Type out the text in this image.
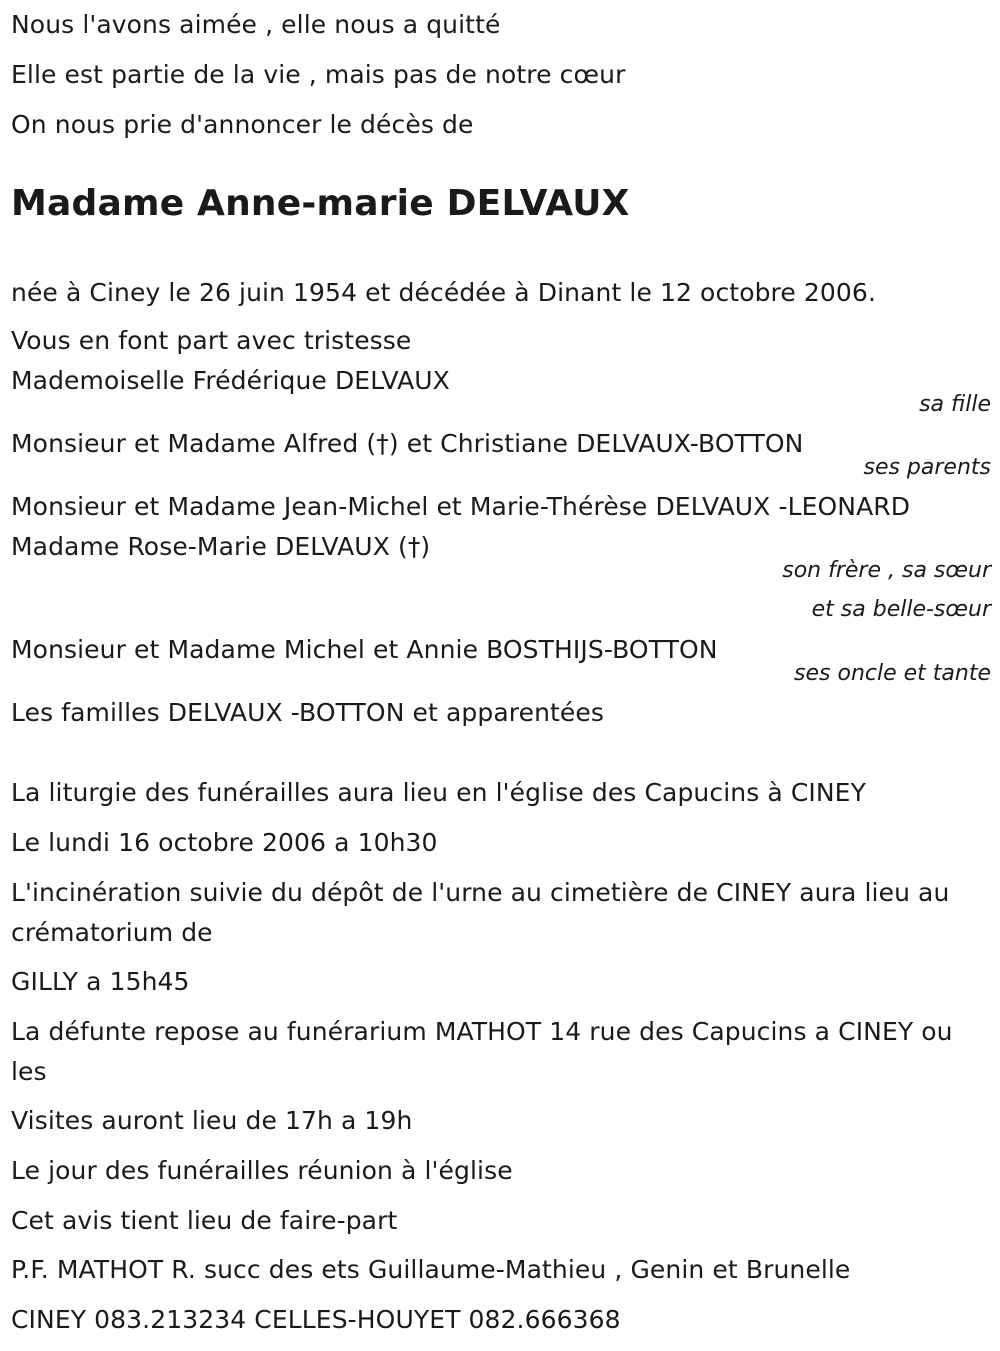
Nous l'avons aimée , elle nous a quitté
Elle est partie de la vie , mais pas de notre cœur
On nous prie d'annoncer le décès de
Madame Anne-marie DELVAUX
née à Ciney le 26 juin 1954 et décédée à Dinant le 12 octobre 2006.
Vous en font part avec tristesse
Mademoiselle Frédérique DELVAUX
sa fille
Monsieur et Madame Alfred (†) et Christiane DELVAUX-BOTTON
ses parents
Monsieur et Madame Jean-Michel et Marie-Thérèse DELVAUX -LEONARD
Madame Rose-Marie DELVAUX (†)
son frère , sa sœur
et sa belle-sœur
Monsieur et Madame Michel et Annie BOSTHIJS-BOTTON
ses oncle et tante
Les familles DELVAUX -BOTTON et apparentées
La liturgie des funérailles aura lieu en l'église des Capucins à CINEY
Le lundi 16 octobre 2006 a 10h30
L'incinération suivie du dépôt de l'urne au cimetière de CINEY aura lieu au crématorium de
GILLY a 15h45
La défunte repose au funérarium MATHOT 14 rue des Capucins a CINEY ou les
Visites auront lieu de 17h a 19h
Le jour des funérailles réunion à l'église
Cet avis tient lieu de faire-part
P.F. MATHOT R. succ des ets Guillaume-Mathieu , Genin et Brunelle
CINEY 083.213234 CELLES-HOUYET 082.666368
